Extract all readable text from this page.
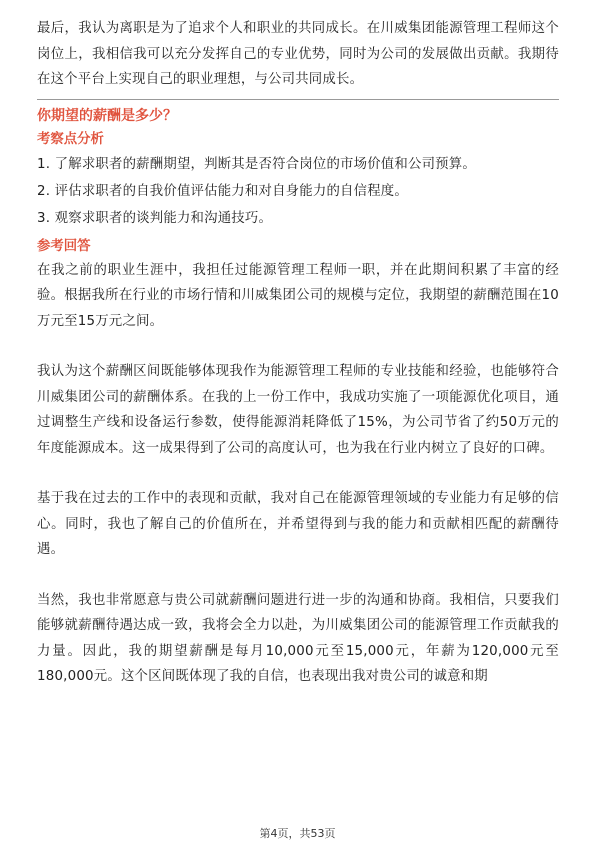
最后，我认为离职是为了追求个人和职业的共同成长。在川威集团能源管理工程师这个岗位上，我相信我可以充分发挥自己的专业优势，同时为公司的发展做出贡献。我期待在这个平台上实现自己的职业理想，与公司共同成长。

你期望的薪酬是多少？
考察点分析
1. 了解求职者的薪酬期望，判断其是否符合岗位的市场价值和公司预算。
2. 评估求职者的自我价值评估能力和对自身能力的自信程度。
3. 观察求职者的谈判能力和沟通技巧。
参考回答

在我之前的职业生涯中，我担任过能源管理工程师一职，并在此期间积累了丰富的经验。根据我所在行业的市场行情和川威集团公司的规模与定位，我期望的薪酬范围在10万元至15万元之间。

我认为这个薪酬区间既能够体现我作为能源管理工程师的专业技能和经验，也能够符合川威集团公司的薪酬体系。在我的上一份工作中，我成功实施了一项能源优化项目，通过调整生产线和设备运行参数，使得能源消耗降低了15%，为公司节省了约50万元的年度能源成本。这一成果得到了公司的高度认可，也为我在行业内树立了良好的口碑。

基于我在过去的工作中的表现和贡献，我对自己在能源管理领域的专业能力有足够的信心。同时，我也了解自己的价值所在，并希望得到与我的能力和贡献相匹配的薪酬待遇。

当然，我也非常愿意与贵公司就薪酬问题进行进一步的沟通和协商。我相信，只要我们能够就薪酬待遇达成一致，我将会全力以赴，为川威集团公司的能源管理工作贡献我的力量。因此，我的期望薪酬是每月10,000元至15,000元，年薪为120,000元至180,000元。这个区间既体现了我的自信，也表现出我对贵公司的诚意和期

第4页，共53页
